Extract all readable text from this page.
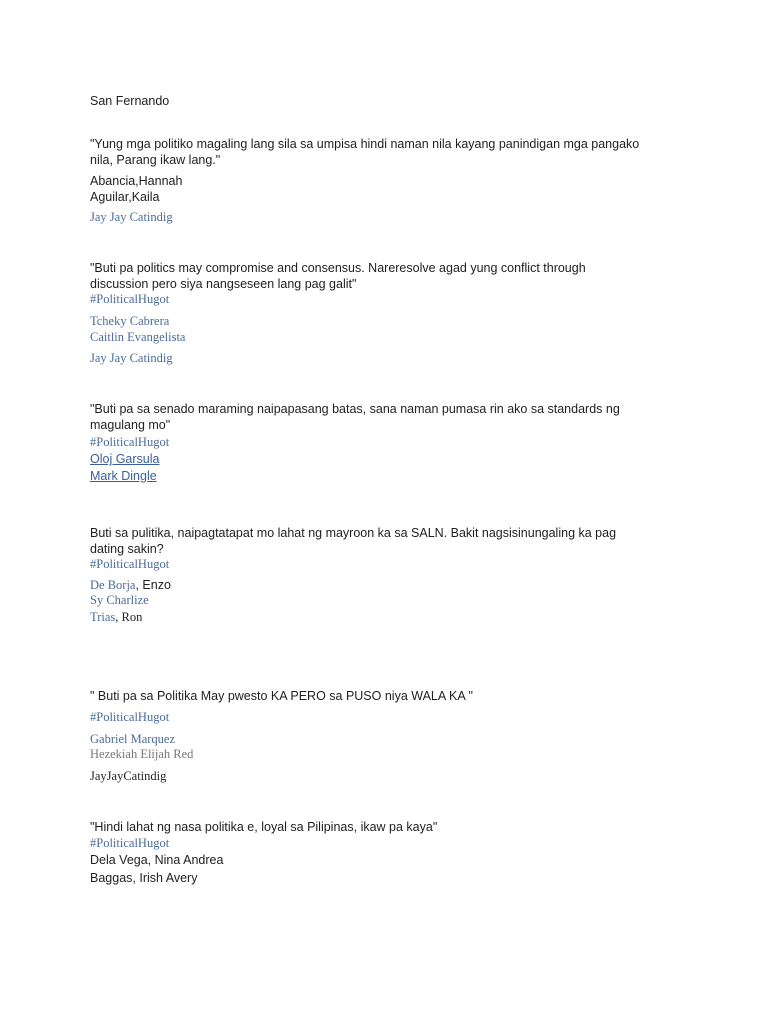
San Fernando
"Yung mga politiko magaling lang sila sa umpisa hindi naman nila kayang panindigan mga pangako
nila, Parang ikaw lang."
Abancia,Hannah
Aguilar,Kaila
Jay Jay Catindig
"Buti pa politics may compromise and consensus. Nareresolve agad yung conflict through
discussion pero siya nangseseen lang pag galit"
#PoliticalHugot
Tcheky Cabrera
Caitlin Evangelista
Jay Jay Catindig
"Buti pa sa senado maraming naipapasang batas, sana naman pumasa rin ako sa standards ng
magulang mo"
#PoliticalHugot
Oloj Garsula
Mark Dingle
Buti sa pulitika, naipagtatapat mo lahat ng mayroon ka sa SALN. Bakit nagsisinungaling ka pag
dating sakin?
#PoliticalHugot
De Borja, Enzo
Sy Charlize
Trias, Ron
" Buti pa sa Politika May pwesto KA PERO sa PUSO niya WALA KA "
#PoliticalHugot
Gabriel Marquez
Hezekiah Elijah Red
JayJayCatindig
"Hindi lahat ng nasa politika e, loyal sa Pilipinas, ikaw pa kaya"
#PoliticalHugot
Dela Vega, Nina Andrea
Baggas, Irish Avery
